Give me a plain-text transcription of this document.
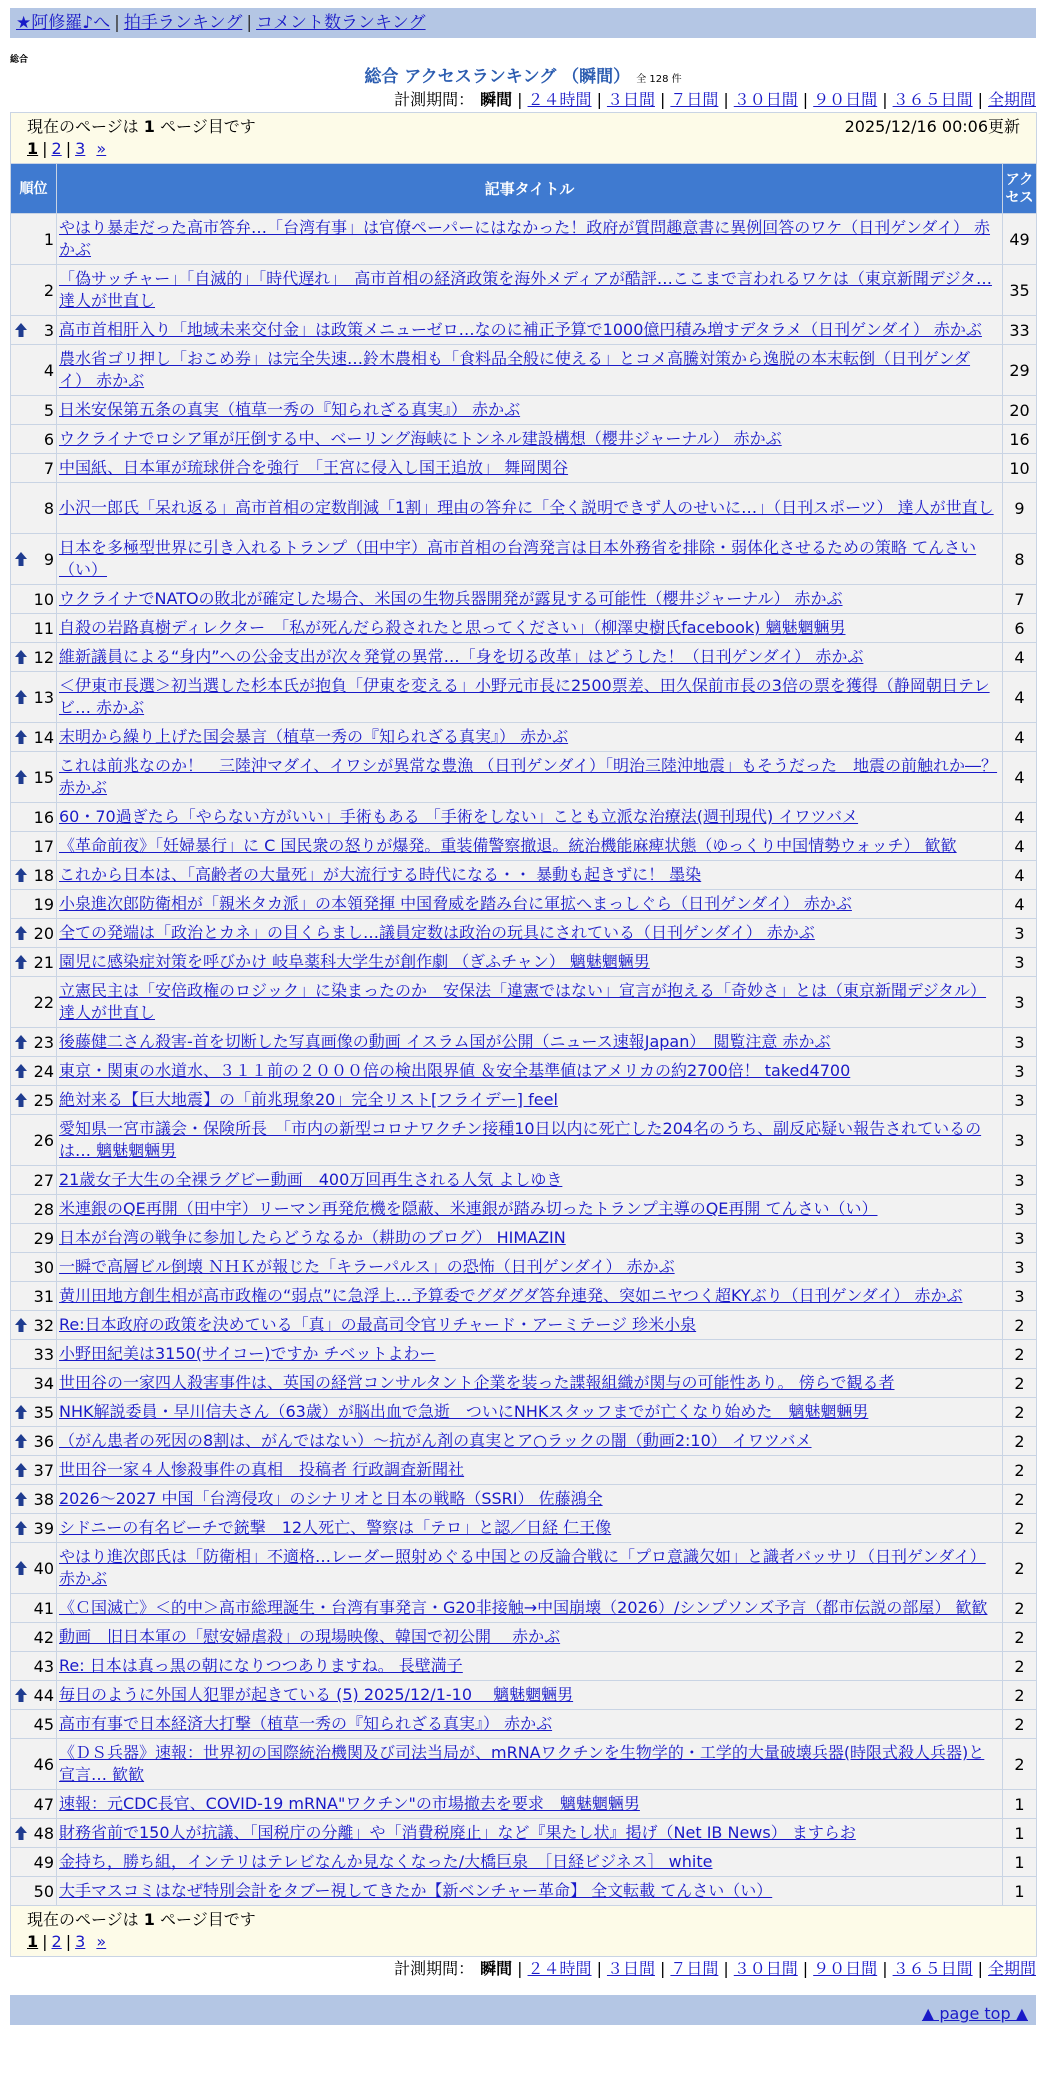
★阿修羅♪へ | 拍手ランキング | コメント数ランキング
総合
総合 アクセスランキング （瞬間） 全 128 件
計測期間： 瞬間 | ２４時間 | ３日間 | ７日間 | ３０日間 | ９０日間 | ３６５日間 | 全期間
現在のページは 1 ページ目です 2025/12/16 00:06更新
1 | 2 | 3 »		

順位	記事タイトル	アクセス
1	やはり暴走だった高市答弁…「台湾有事」は官僚ペーパーにはなかった！政府が質問趣意書に異例回答のワケ（日刊ゲンダイ） 赤かぶ	49
2	「偽サッチャー」「自滅的」「時代遅れ」　高市首相の経済政策を海外メディアが酷評…ここまで言われるワケは（東京新聞デジタ… 達人が世直し	35

3	高市首相肝入り「地域未来交付金」は政策メニューゼロ…なのに補正予算で1000億円積み増すデタラメ（日刊ゲンダイ） 赤かぶ	33
4	農水省ゴリ押し「おこめ券」は完全失速…鈴木農相も「食料品全般に使える」とコメ高騰対策から逸脱の本末転倒（日刊ゲンダイ） 赤かぶ	29
5	日米安保第五条の真実（植草一秀の『知られざる真実』） 赤かぶ	20
6	ウクライナでロシア軍が圧倒する中、ベーリング海峡にトンネル建設構想（櫻井ジャーナル） 赤かぶ	16
7	中国紙、日本軍が琉球併合を強行　「王宮に侵入し国王追放」 舞岡関谷	10
8	小沢一郎氏「呆れ返る」高市首相の定数削減「1割」理由の答弁に「全く説明できず人のせいに…」（日刊スポーツ） 達人が世直し	9

9	日本を多極型世界に引き入れるトランプ（田中宇）高市首相の台湾発言は日本外務省を排除・弱体化させるための策略 てんさい（い）	8
10	ウクライナでNATOの敗北が確定した場合、米国の生物兵器開発が露見する可能性（櫻井ジャーナル） 赤かぶ	7
11	自殺の岩路真樹ディレクター　「私が死んだら殺されたと思ってください」（柳澤史樹氏facebook) 魑魅魍魎男	6

12	維新議員による“身内”への公金支出が次々発覚の異常…「身を切る改革」はどうした！（日刊ゲンダイ） 赤かぶ	4

13	＜伊東市長選＞初当選した杉本氏が抱負「伊東を変える」小野元市長に2500票差、田久保前市長の3倍の票を獲得（静岡朝日テレビ… 赤かぶ	4

14	末明から繰り上げた国会暴言（植草一秀の『知られざる真実』） 赤かぶ	4

15	これは前兆なのか！　三陸沖マダイ、イワシが異常な豊漁 （日刊ゲンダイ）「明治三陸沖地震」もそうだった　地震の前触れか―？ 赤かぶ	4
16	60・70過ぎたら「やらない方がいい」手術もある 「手術をしない」ことも立派な治療法(週刊現代) イワツバメ	4
17	《革命前夜》「妊婦暴行」に C 国民衆の怒りが爆発。重装備警察撤退。統治機能麻痺状態（ゆっくり中国情勢ウォッチ） 歓歓	4

18	これから日本は、「高齢者の大量死」が大流行する時代になる・・ 暴動も起きずに！ 墨染	4
19	小泉進次郎防衛相が「親米タカ派」の本領発揮 中国脅威を踏み台に軍拡へまっしぐら（日刊ゲンダイ） 赤かぶ	4

20	全ての発端は「政治とカネ」の目くらまし…議員定数は政治の玩具にされている（日刊ゲンダイ） 赤かぶ	3

21	園児に感染症対策を呼びかけ 岐阜薬科大学生が創作劇 （ぎふチャン） 魑魅魍魎男	3
22	立憲民主は「安倍政権のロジック」に染まったのか　安保法「違憲ではない」宣言が抱える「奇妙さ」とは（東京新聞デジタル） 達人が世直し	3

23	後藤健二さん殺害-首を切断した写真画像の動画 イスラム国が公開（ニュース速報Japan）　閲覧注意 赤かぶ	3

24	東京・関東の水道水、３１１前の２０００倍の検出限界値 ＆安全基準値はアメリカの約2700倍！ taked4700	3

25	絶対来る【巨大地震】の「前兆現象20」完全リスト[フライデー] feel	3
26	愛知県一宮市議会・保険所長　「市内の新型コロナワクチン接種10日以内に死亡した204名のうち、副反応疑い報告されているのは… 魑魅魍魎男	3
27	21歳女子大生の全裸ラグビー動画　400万回再生される人気 よしゆき	3
28	米連銀のQE再開（田中宇）リーマン再発危機を隠蔽、米連銀が踏み切ったトランプ主導のQE再開 てんさい（い）	3
29	日本が台湾の戦争に参加したらどうなるか（耕助のブログ） HIMAZIN	3
30	一瞬で高層ビル倒壊 ＮＨＫが報じた「キラーパルス」の恐怖（日刊ゲンダイ） 赤かぶ	3
31	黄川田地方創生相が高市政権の“弱点”に急浮上…予算委でグダグダ答弁連発、突如ニヤつく超KYぶり（日刊ゲンダイ） 赤かぶ	3

32	Re:日本政府の政策を決めている「真」の最高司令官リチャード・アーミテージ 珍米小泉	2
33	小野田紀美は3150(サイコー)ですか チベットよわー	2
34	世田谷の一家四人殺害事件は、英国の経営コンサルタント企業を装った諜報組織が関与の可能性あり。 傍らで観る者	2

35	NHK解説委員・早川信夫さん（63歳）が脳出血で急逝　ついにNHKスタッフまでが亡くなり始めた　魑魅魍魎男	2

36	（がん患者の死因の8割は、がんではない）～抗がん剤の真実とア○ラックの闇（動画2:10） イワツバメ	2

37	世田谷一家４人惨殺事件の真相　投稿者 行政調査新聞社	2

38	2026～2027 中国「台湾侵攻」のシナリオと日本の戦略（SSRI） 佐藤鴻全	2

39	シドニーの有名ビーチで銃撃　12人死亡、警察は「テロ」と認／日経 仁王像	2

40	やはり進次郎氏は「防衛相」不適格…レーダー照射めぐる中国との反論合戦に「プロ意識欠如」と識者バッサリ（日刊ゲンダイ） 赤かぶ	2
41	《Ｃ国滅亡》＜的中＞高市総理誕生・台湾有事発言・G20非接触→中国崩壊（2026）/シンプソンズ予言（都市伝説の部屋） 歓歓	2
42	動画　旧日本軍の「慰安婦虐殺」の現場映像、韓国で初公開　 赤かぶ	2
43	Re: 日本は真っ黒の朝になりつつありますね。 長壁満子	2

44	毎日のように外国人犯罪が起きている (5) 2025/12/1-10　 魑魅魍魎男	2
45	高市有事で日本経済大打撃（植草一秀の『知られざる真実』） 赤かぶ	2
46	《ＤＳ兵器》速報：世界初の国際統治機関及び司法当局が、mRNAワクチンを生物学的・工学的大量破壊兵器(時限式殺人兵器)と宣言… 歓歓	2
47	速報：元CDC長官、COVID-19 mRNA"ワクチン"の市場撤去を要求　魑魅魍魎男	1

48	財務省前で150人が抗議、「国税庁の分離」や「消費税廃止」など『果たし状』掲げ（Net IB News） ますらお	1
49	金持ち，勝ち組，インテリはテレビなんか見なくなった/大橋巨泉　［日経ビジネス］ white	1
50	大手マスコミはなぜ特別会計をタブー視してきたか【新ベンチャー革命】 全文転載 てんさい（い）	1

現在のページは 1 ページ目です
1 | 2 | 3 »		
計測期間： 瞬間 | ２４時間 | ３日間 | ７日間 | ３０日間 | ９０日間 | ３６５日間 | 全期間
▲ page top ▲
